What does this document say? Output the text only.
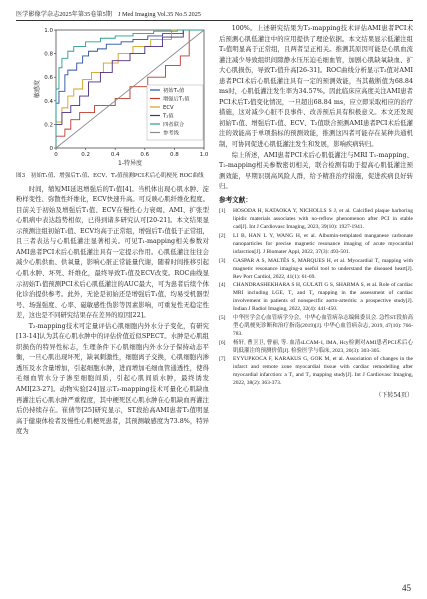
医学影像学杂志2025年第35卷第5期　J Med Imaging Vol.35 No.5 2025
0	0.2	0.4	0.6	0.8	1.0
0
0.2
0.4
0.6
0.8
1.0
1-特异度
敏感度	初始T₁值
增强后T₁值
ECV
T₂值
四者联合
参考线
图3　初始T₁值、增强后T₁值、ECV、T₂值预测PCI术后心肌梗死 ROC曲线

时间，缩短MI延迟增强后的T₁值[4]。当机体出现心肌水肿、淀粉样变性、弥散性纤维化，ECV快速升高。可反映心肌纤维化程度。目前关于初始及增强后T₁值、ECV在慢性心力衰竭、AMI、扩张型心肌病中表达趋势相似，已得到诸多研究认可[20-21]。本文结果显示预测注组初始T₁值、ECV均高于正常组，增强后T₁值低于正常组，且三者表达与心肌低灌注显著相关。可见T₁-mapping相关参数对AMI患者PCI术后心肌低灌注具有一定提示作用。心肌低灌注往往会减少心肌供血、供氧量，影响心脏正常能量代谢，随着时间推移引起心肌水肿、坏死、纤维化，最终导致T₁值及ECV改变。ROC曲线显示初始T₁值预测PCI术后心肌低灌注的AUC最大，可为患者后续个体化诊治提供参考。此外，无论是初始还是增强后T₁值，均易受机器型号、场强强度、心率、磁敏感性伪影等因素影响，可重复性无稳定性差，这也是不同研究结果存在差异的原因[22]。

T₂-mapping技术可定量评估心肌细胞内外水分子变化，有研究[13-14]认为其在心肌水肿中的评估价值近似SPECT。水肿是心肌组织损伤的特异性标志，生理条件下心肌细胞内外水分子保持动态平衡，一旦心肌出现坏死，缺氧刺激性，细胞离子交换，心肌细胞内渗透压及水含量增加，引起细胞水肿，进而增加毛细血管通透性，使得毛细血管水分子渗至细胞间质，引起心肌间质水肿，最终诱发AMI[23-27]。动物实验[24]显示T₂-mapping技术可量化心肌缺血再灌注后心肌水肿严重程度，其中梗死区心肌水肿在心肌缺血再灌注后仍持续存在。崔倩等[25]研究显示，ST段抬高AMI患者T₂值明显高于健康体检者及慢性心肌梗死患者，其预测敏感度为73.8%，特异度为

100%。上述研究结果为T₂-mapping技术评估AMI患者PCI术后预测心肌低灌注中的应用提供了理论依据。本文结果显示低灌注组T₂值明显高于正常组，且两者呈正相关。推测其原因可能是心肌血流灌注减少导致组织间隙静水压压迫毛细血管，加剧心肌缺氧缺血、扩大心肌损伤，导致T₂值升高[26-31]。ROC曲线分析显示T₂值对AMI患者PCI术后心肌低灌注具有一定的预测效能，当其截断值为68.84 ms时，心肌低灌注发生率为34.57%。因此临床应高度关注AMI患者PCI术后T₂值变化情况，一旦超出68.84 ms，应立即采取相应的治疗措施，这对减少心脏不良事件、改善预后具有积极意义。本文还发现初始T₁值、增强后T₁值、ECV、T₂值联合预测AMI患者PCI术后低灌注的效能高于单项指标的预测效能，推测这四者可能存在某种共通机制，可协同促进心肌低灌注发生和发展，影响疾病转归。

综上所述，AMI患者PCI术后心肌低灌注与MRI T₁-mapping、T₂-mapping相关参数密切相关，联合检测有助于提高心肌低灌注预测效能，早期识别高风险人群，给予精准治疗措施，促进疾病良好转归。

参考文献：
[1]	HOSODA H, KATAOKA Y, NICHOLLS S J, et al. Calcified plaque harboring lipidic materials associates with no-reflow phenomenon after PCI in stable cad[J]. Int J Cardiovasc Imaging, 2023, 39(10): 1927-1941.
[2]	LI B, HAN L Y, WANG H, et al. Albumin-templated manganese carbonate nanoparticles for precise magnetic resonance imaging of acute myocardial infarction[J]. J Biomater Appl, 2022, 37(3): 493-501.
[3]	GASPAR A S, MALTÊS S, MARQUES H, et al. Myocardial T₁ mapping with magnetic resonance imaging-a useful tool to understand the diseased heart[J]. Rev Port Cardiol, 2022, 41(1): 61-69.
[4]	CHANDRASHEKHARA S H, GULATI G S, SHARMA S, et al. Role of cardiac MRI including LGE, T₁ and T₂ mapping in the assessment of cardiac involvement in patients of nonspecific aorto-arteritis: a prospective study[J]. Indian J Radiol Imaging, 2022, 32(4): 441-450.
[5]	中华医学会心血管病学分会，中华心血管病杂志编辑委员会. 急性ST段抬高型心肌梗死诊断和治疗指南(2019)[J]. 中华心血管病杂志, 2019, 47(10): 766-783.
[6]	杨轩, 曹卫卫, 曹丽, 等. 血清sLCAM-1, IMA, Hcy检测对AMI患者PCI术后心肌低灌注的预测价值[J]. 检验医学与临床, 2023, 20(3): 303-305.
[7]	EYYUPKOCA F, KARAKUS G, GOK M, et al. Association of changes in the infarct and remote zone myocardial tissue with cardiac remodelling after myocardial infarction: a T₁ and T₂ mapping study[J]. Int J Cardiovasc Imaging, 2022, 38(2): 363-373.
（下转54页）
45
